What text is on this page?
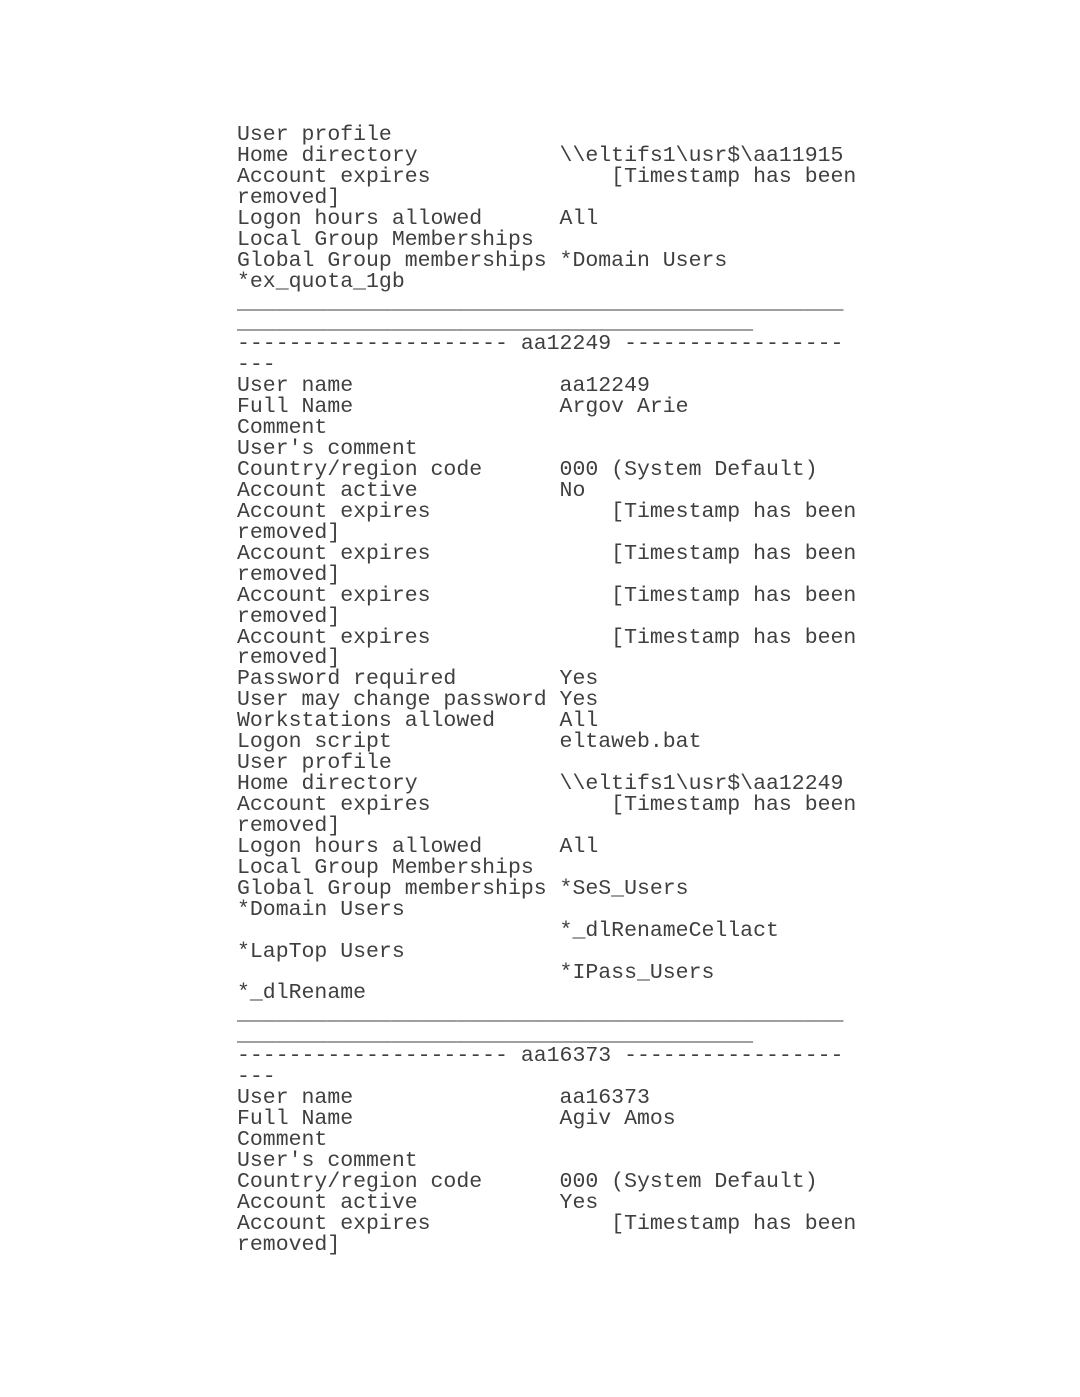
User profile
Home directory           \\eltifs1\usr$\aa11915
Account expires              [Timestamp has been
removed]
Logon hours allowed      All
Local Group Memberships
Global Group memberships *Domain Users
*ex_quota_1gb
_______________________________________________
________________________________________
--------------------- aa12249 -----------------
---
User name                aa12249
Full Name                Argov Arie
Comment
User's comment
Country/region code      000 (System Default)
Account active           No
Account expires              [Timestamp has been
removed]
Account expires              [Timestamp has been
removed]
Account expires              [Timestamp has been
removed]
Account expires              [Timestamp has been
removed]
Password required        Yes
User may change password Yes
Workstations allowed     All
Logon script             eltaweb.bat
User profile
Home directory           \\eltifs1\usr$\aa12249
Account expires              [Timestamp has been
removed]
Logon hours allowed      All
Local Group Memberships
Global Group memberships *SeS_Users
*Domain Users
*_dlRenameCellact
*LapTop Users
*IPass_Users
*_dlRename
_______________________________________________
________________________________________
--------------------- aa16373 -----------------
---
User name                aa16373
Full Name                Agiv Amos
Comment
User's comment
Country/region code      000 (System Default)
Account active           Yes
Account expires              [Timestamp has been
removed]
